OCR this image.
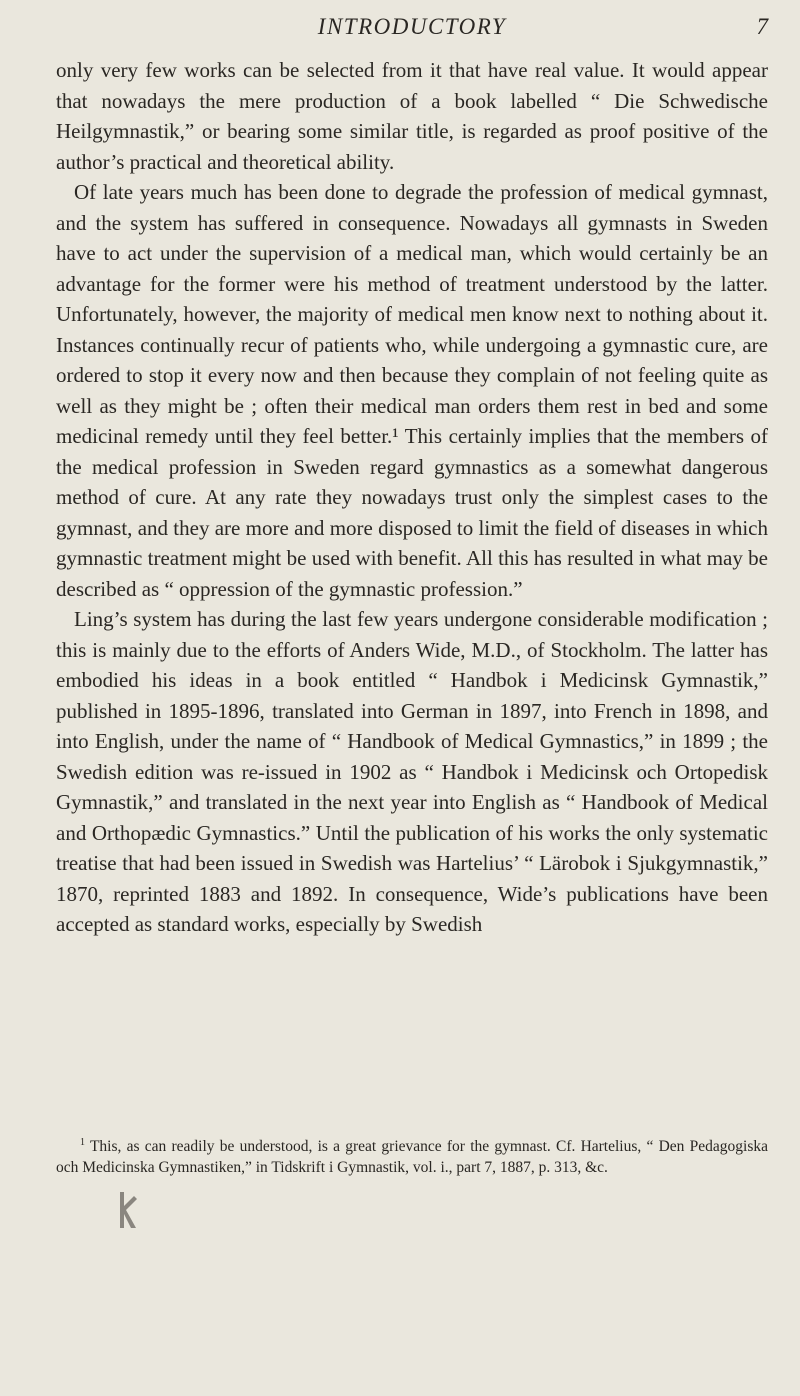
INTRODUCTORY	7

only very few works can be selected from it that have real value. It would appear that nowadays the mere production of a book labelled “ Die Schwedische Heilgymnastik,” or bearing some similar title, is regarded as proof positive of the author’s practical and theoretical ability.

Of late years much has been done to degrade the profession of medical gymnast, and the system has suffered in consequence. Nowadays all gymnasts in Sweden have to act under the supervision of a medical man, which would certainly be an advantage for the former were his method of treatment understood by the latter. Unfortunately, however, the majority of medical men know next to nothing about it. Instances continually recur of patients who, while undergoing a gymnastic cure, are ordered to stop it every now and then because they complain of not feeling quite as well as they might be ; often their medical man orders them rest in bed and some medicinal remedy until they feel better.¹ This certainly implies that the members of the medical profession in Sweden regard gymnastics as a somewhat dangerous method of cure. At any rate they nowadays trust only the simplest cases to the gymnast, and they are more and more disposed to limit the field of diseases in which gymnastic treatment might be used with benefit. All this has resulted in what may be described as “ oppression of the gymnastic profession.”

Ling’s system has during the last few years undergone considerable modification ; this is mainly due to the efforts of Anders Wide, M.D., of Stockholm. The latter has embodied his ideas in a book entitled “ Handbok i Medicinsk Gymnastik,” published in 1895-1896, translated into German in 1897, into French in 1898, and into English, under the name of “ Handbook of Medical Gymnastics,” in 1899 ; the Swedish edition was re-issued in 1902 as “ Handbok i Medicinsk och Ortopedisk Gymnastik,” and translated in the next year into English as “ Handbook of Medical and Orthopædic Gymnastics.” Until the publication of his works the only systematic treatise that had been issued in Swedish was Hartelius’ “ Lärobok i Sjukgymnastik,” 1870, reprinted 1883 and 1892. In consequence, Wide’s publications have been accepted as standard works, especially by Swedish

$^1$ This, as can readily be understood, is a great grievance for the gymnast. Cf. Hartelius, “ Den Pedagogiska och Medicinska Gymnastiken,” in Tidskrift i Gymnastik, vol. i., part 7, 1887, p. 313, &c.
